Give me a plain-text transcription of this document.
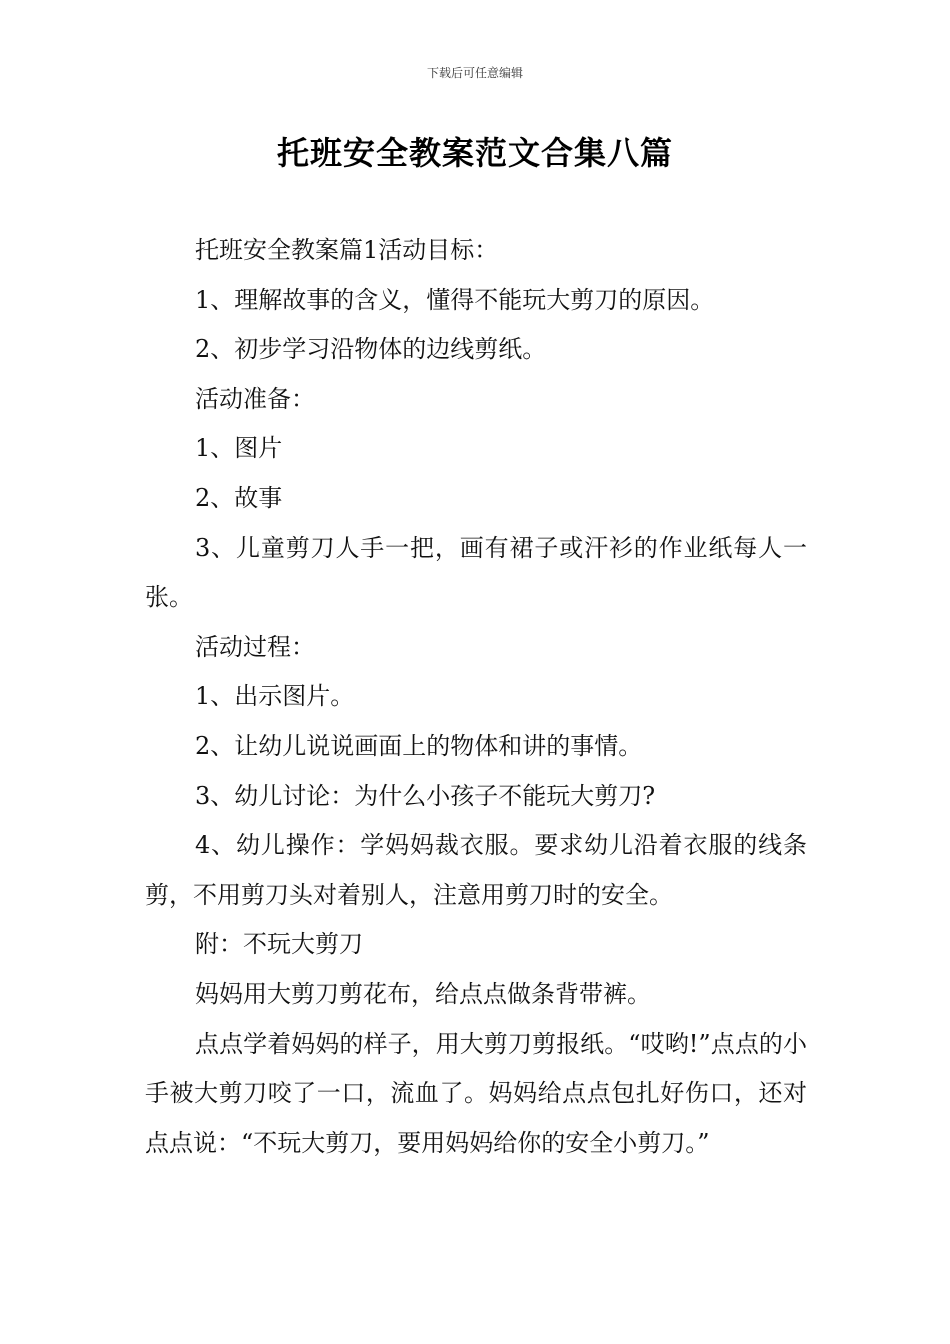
下载后可任意编辑
托班安全教案范文合集八篇

托班安全教案篇1活动目标：

1、理解故事的含义，懂得不能玩大剪刀的原因。

2、初步学习沿物体的边线剪纸。

活动准备：

1、图片

2、故事

3、儿童剪刀人手一把，画有裙子或汗衫的作业纸每人一张。

活动过程：

1、出示图片。

2、让幼儿说说画面上的物体和讲的事情。

3、幼儿讨论：为什么小孩子不能玩大剪刀?

4、幼儿操作：学妈妈裁衣服。要求幼儿沿着衣服的线条剪，不用剪刀头对着别人，注意用剪刀时的安全。

附：不玩大剪刀

妈妈用大剪刀剪花布，给点点做条背带裤。

点点学着妈妈的样子，用大剪刀剪报纸。“哎哟!”点点的小手被大剪刀咬了一口，流血了。妈妈给点点包扎好伤口，还对点点说：“不玩大剪刀，要用妈妈给你的安全小剪刀。”
